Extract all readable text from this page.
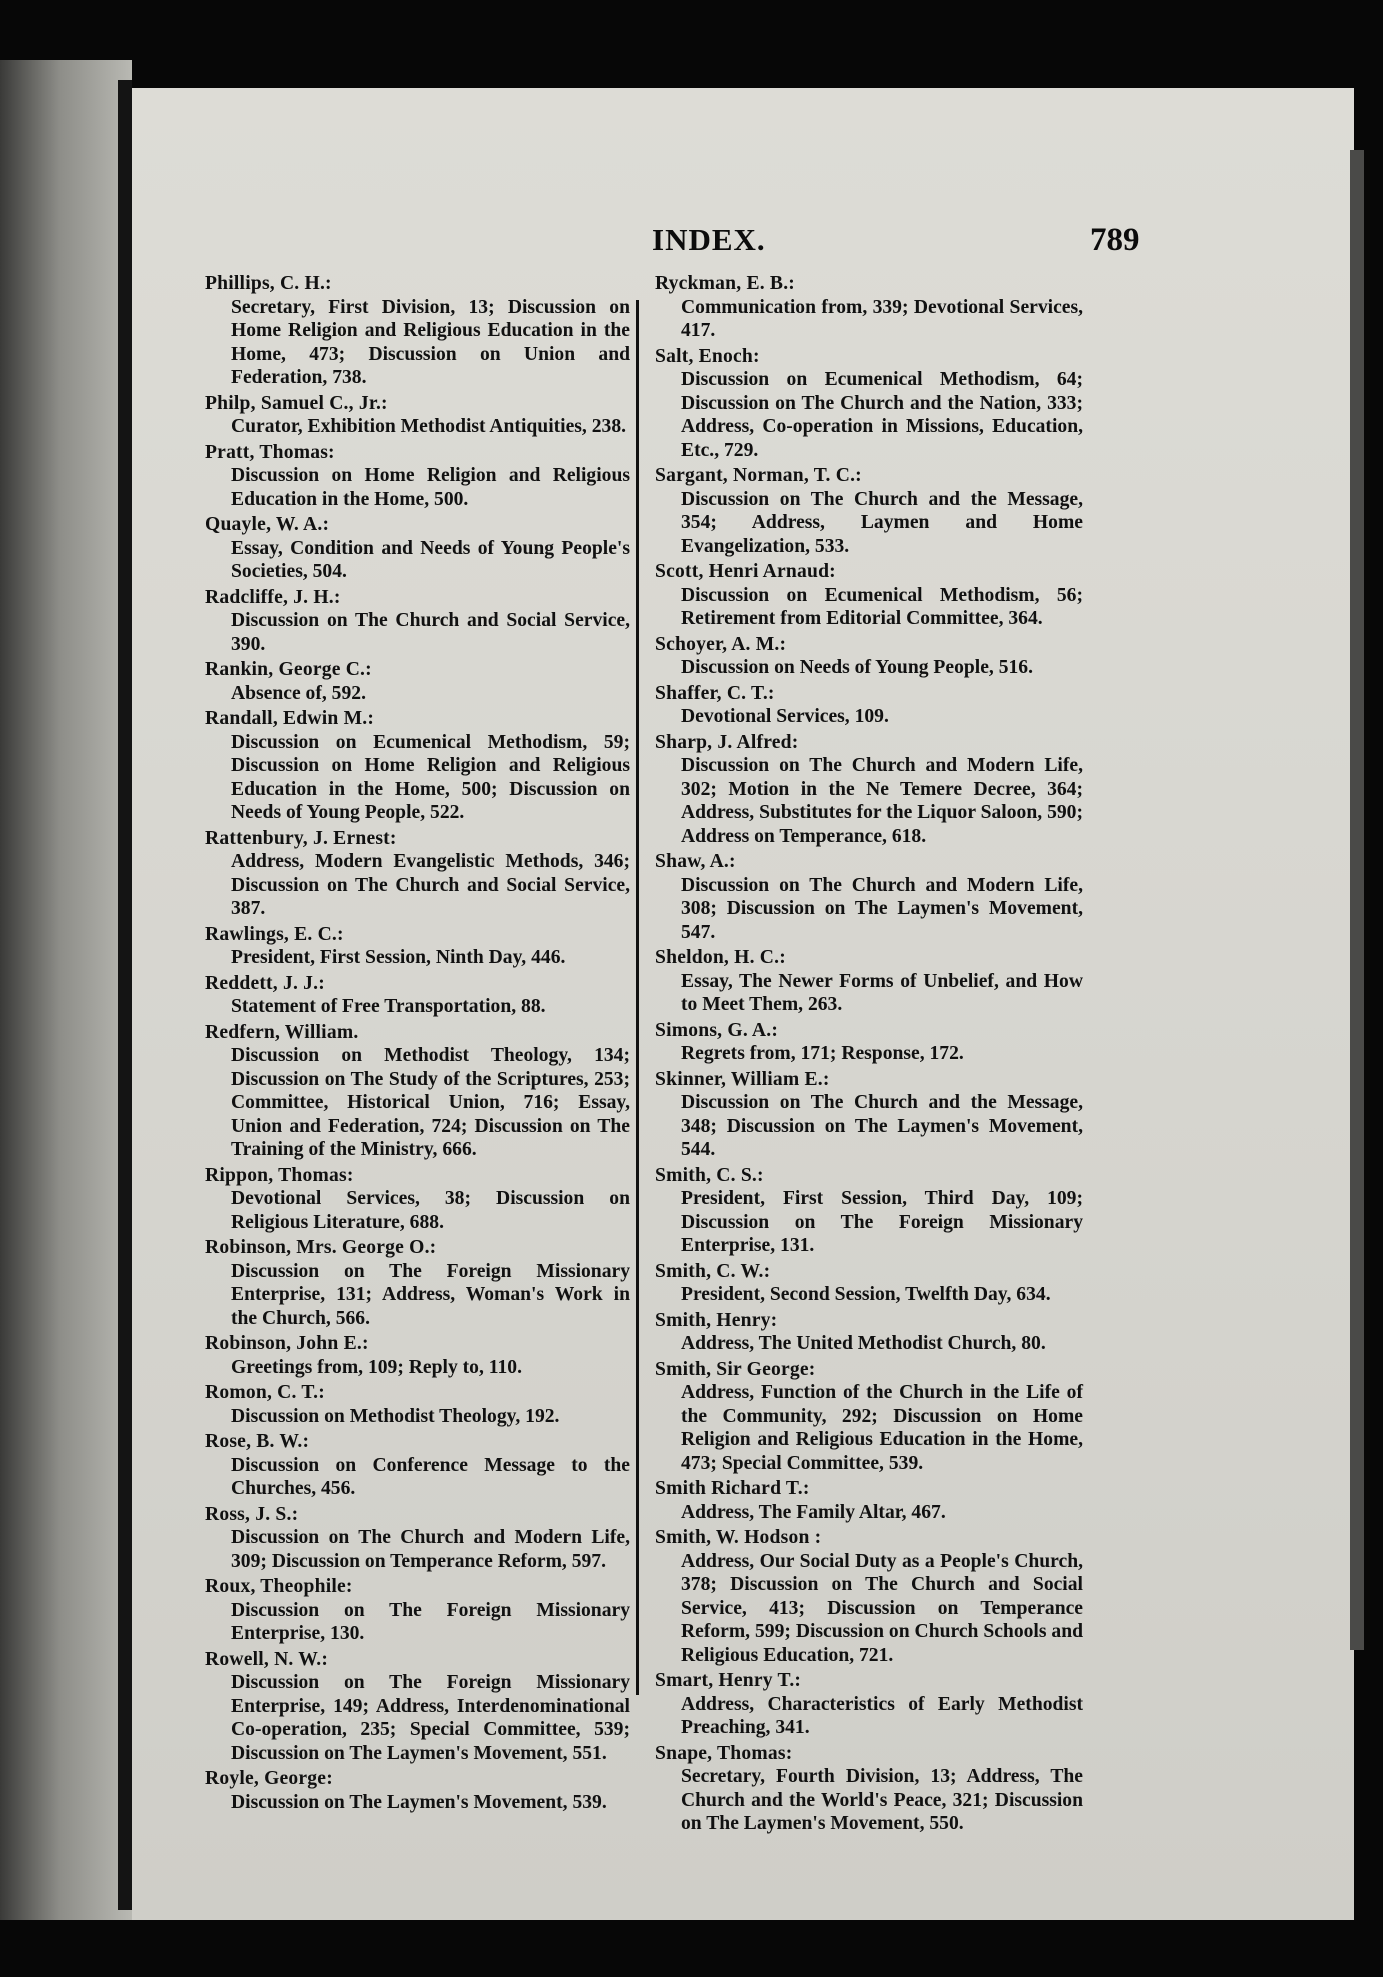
INDEX.	789
Phillips, C. H.:
Secretary, First Division, 13; Discussion on Home Religion and Religious Education in the Home, 473; Discussion on Union and Federation, 738.
Philp, Samuel C., Jr.:
Curator, Exhibition Methodist Antiquities, 238.
Pratt, Thomas:
Discussion on Home Religion and Religious Education in the Home, 500.
Quayle, W. A.:
Essay, Condition and Needs of Young People's Societies, 504.
Radcliffe, J. H.:
Discussion on The Church and Social Service, 390.
Rankin, George C.:
Absence of, 592.
Randall, Edwin M.:
Discussion on Ecumenical Methodism, 59; Discussion on Home Religion and Religious Education in the Home, 500; Discussion on Needs of Young People, 522.
Rattenbury, J. Ernest:
Address, Modern Evangelistic Methods, 346; Discussion on The Church and Social Service, 387.
Rawlings, E. C.:
President, First Session, Ninth Day, 446.
Reddett, J. J.:
Statement of Free Transportation, 88.
Redfern, William.
Discussion on Methodist Theology, 134; Discussion on The Study of the Scriptures, 253; Committee, Historical Union, 716; Essay, Union and Federation, 724; Discussion on The Training of the Ministry, 666.
Rippon, Thomas:
Devotional Services, 38; Discussion on Religious Literature, 688.
Robinson, Mrs. George O.:
Discussion on The Foreign Missionary Enterprise, 131; Address, Woman's Work in the Church, 566.
Robinson, John E.:
Greetings from, 109; Reply to, 110.
Romon, C. T.:
Discussion on Methodist Theology, 192.
Rose, B. W.:
Discussion on Conference Message to the Churches, 456.
Ross, J. S.:
Discussion on The Church and Modern Life, 309; Discussion on Temperance Reform, 597.
Roux, Theophile:
Discussion on The Foreign Missionary Enterprise, 130.
Rowell, N. W.:
Discussion on The Foreign Missionary Enterprise, 149; Address, Interdenominational Co-operation, 235; Special Committee, 539; Discussion on The Laymen's Movement, 551.
Royle, George:
Discussion on The Laymen's Movement, 539.
Ryckman, E. B.:
Communication from, 339; Devotional Services, 417.
Salt, Enoch:
Discussion on Ecumenical Methodism, 64; Discussion on The Church and the Nation, 333; Address, Co-operation in Missions, Education, Etc., 729.
Sargant, Norman, T. C.:
Discussion on The Church and the Message, 354; Address, Laymen and Home Evangelization, 533.
Scott, Henri Arnaud:
Discussion on Ecumenical Methodism, 56; Retirement from Editorial Committee, 364.
Schoyer, A. M.:
Discussion on Needs of Young People, 516.
Shaffer, C. T.:
Devotional Services, 109.
Sharp, J. Alfred:
Discussion on The Church and Modern Life, 302; Motion in the Ne Temere Decree, 364; Address, Substitutes for the Liquor Saloon, 590; Address on Temperance, 618.
Shaw, A.:
Discussion on The Church and Modern Life, 308; Discussion on The Laymen's Movement, 547.
Sheldon, H. C.:
Essay, The Newer Forms of Unbelief, and How to Meet Them, 263.
Simons, G. A.:
Regrets from, 171; Response, 172.
Skinner, William E.:
Discussion on The Church and the Message, 348; Discussion on The Laymen's Movement, 544.
Smith, C. S.:
President, First Session, Third Day, 109; Discussion on The Foreign Missionary Enterprise, 131.
Smith, C. W.:
President, Second Session, Twelfth Day, 634.
Smith, Henry:
Address, The United Methodist Church, 80.
Smith, Sir George:
Address, Function of the Church in the Life of the Community, 292; Discussion on Home Religion and Religious Education in the Home, 473; Special Committee, 539.
Smith Richard T.:
Address, The Family Altar, 467.
Smith, W. Hodson :
Address, Our Social Duty as a People's Church, 378; Discussion on The Church and Social Service, 413; Discussion on Temperance Reform, 599; Discussion on Church Schools and Religious Education, 721.
Smart, Henry T.:
Address, Characteristics of Early Methodist Preaching, 341.
Snape, Thomas:
Secretary, Fourth Division, 13; Address, The Church and the World's Peace, 321; Discussion on The Laymen's Movement, 550.
